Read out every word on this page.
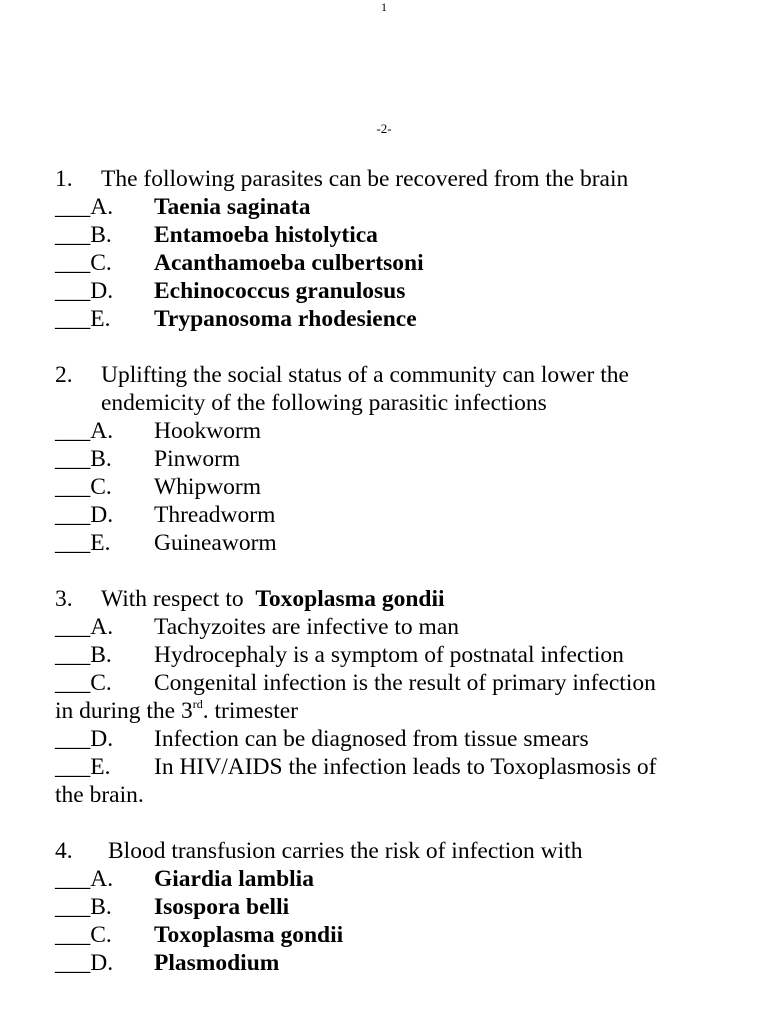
1
-2-
1. The following parasites can be recovered from the brain
___A. Taenia saginata
___B. Entamoeba histolytica
___C. Acanthamoeba culbertsoni
___D. Echinococcus granulosus
___E. Trypanosoma rhodesience
2. Uplifting the social status of a community can lower the
endemicity of the following parasitic infections
___A. Hookworm
___B. Pinworm
___C. Whipworm
___D. Threadworm
___E. Guineaworm
3. With respect to Toxoplasma gondii
___A. Tachyzoites are infective to man
___B. Hydrocephaly is a symptom of postnatal infection
___C. Congenital infection is the result of primary infection
in during the 3rd. trimester
___D. Infection can be diagnosed from tissue smears
___E. In HIV/AIDS the infection leads to Toxoplasmosis of
the brain.
4. Blood transfusion carries the risk of infection with
___A. Giardia lamblia
___B. Isospora belli
___C. Toxoplasma gondii
___D. Plasmodium
